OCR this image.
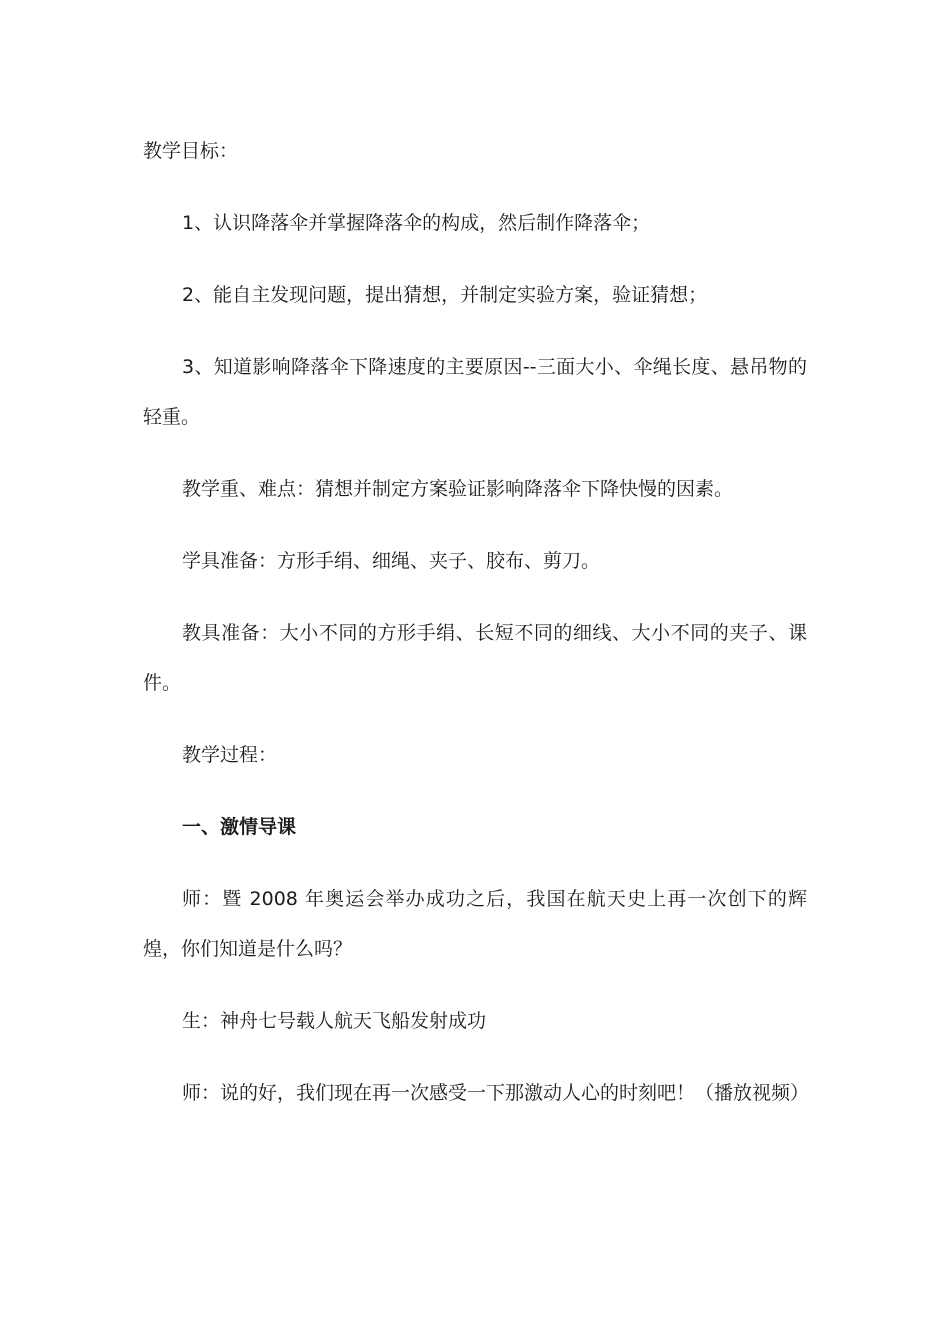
教学目标：

1、认识降落伞并掌握降落伞的构成，然后制作降落伞；

2、能自主发现问题，提出猜想，并制定实验方案，验证猜想；

3、知道影响降落伞下降速度的主要原因--三面大小、伞绳长度、悬吊物的轻重。

教学重、难点：猜想并制定方案验证影响降落伞下降快慢的因素。

学具准备：方形手绢、细绳、夹子、胶布、剪刀。

教具准备：大小不同的方形手绢、长短不同的细线、大小不同的夹子、课件。

教学过程：

一、激情导课

师：暨 2008 年奥运会举办成功之后，我国在航天史上再一次创下的辉煌，你们知道是什么吗？

生：神舟七号载人航天飞船发射成功

师：说的好，我们现在再一次感受一下那激动人心的时刻吧！（播放视频）
